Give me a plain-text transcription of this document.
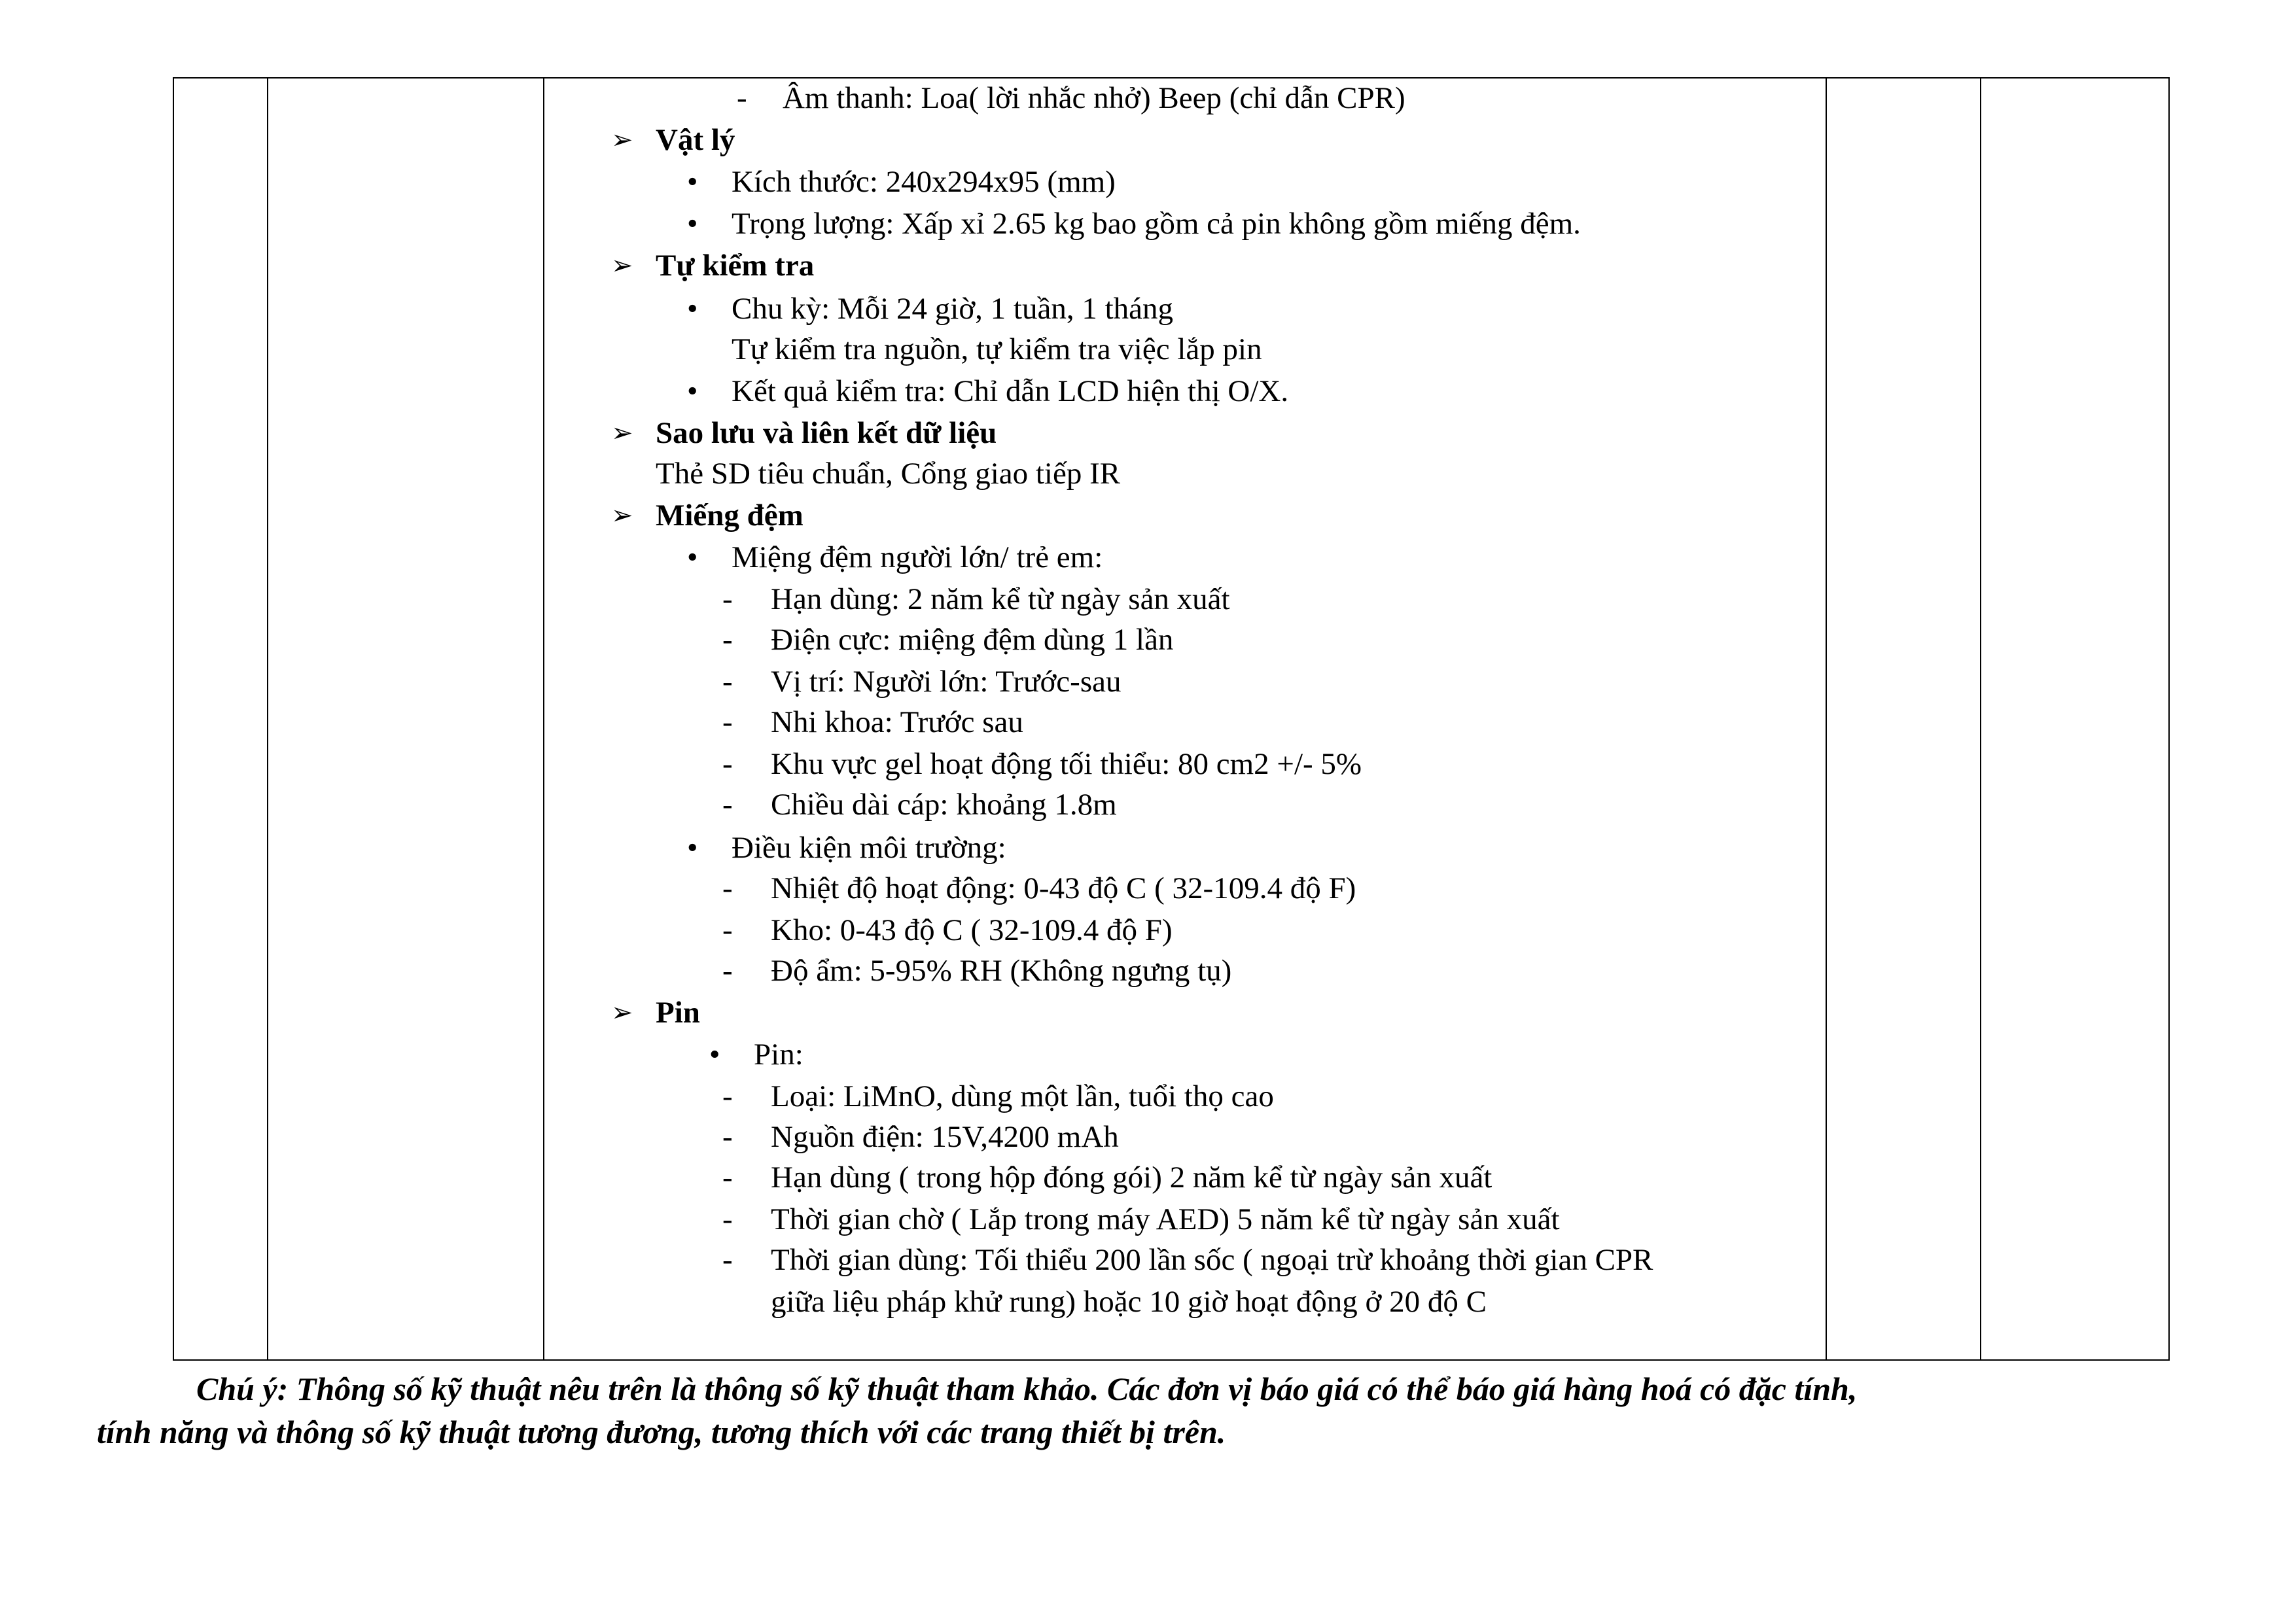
- Âm thanh: Loa( lời nhắc nhở) Beep (chỉ dẫn CPR)
➢ Vật lý
• Kích thước: 240x294x95 (mm)
• Trọng lượng: Xấp xỉ 2.65 kg bao gồm cả pin không gồm miếng đệm.
➢ Tự kiểm tra
• Chu kỳ: Mỗi 24 giờ, 1 tuần, 1 tháng
Tự kiểm tra nguồn, tự kiểm tra việc lắp pin
• Kết quả kiểm tra: Chỉ dẫn LCD hiện thị O/X.
➢ Sao lưu và liên kết dữ liệu
Thẻ SD tiêu chuẩn, Cổng giao tiếp IR
➢ Miếng đệm
• Miệng đệm người lớn/ trẻ em:
- Hạn dùng: 2 năm kể từ ngày sản xuất
- Điện cực: miệng đệm dùng 1 lần
- Vị trí: Người lớn: Trước-sau
- Nhi khoa: Trước sau
- Khu vực gel hoạt động tối thiểu: 80 cm2 +/- 5%
- Chiều dài cáp: khoảng 1.8m
• Điều kiện môi trường:
- Nhiệt độ hoạt động: 0-43 độ C ( 32-109.4 độ F)
- Kho: 0-43 độ C ( 32-109.4 độ F)
- Độ ẩm: 5-95% RH (Không ngưng tụ)
➢ Pin
• Pin:
- Loại: LiMnO, dùng một lần, tuổi thọ cao
- Nguồn điện: 15V,4200 mAh
- Hạn dùng ( trong hộp đóng gói) 2 năm kể từ ngày sản xuất
- Thời gian chờ ( Lắp trong máy AED) 5 năm kể từ ngày sản xuất
- Thời gian dùng: Tối thiểu 200 lần sốc ( ngoại trừ khoảng thời gian CPR
giữa liệu pháp khử rung) hoặc 10 giờ hoạt động ở 20 độ C
Chú ý: Thông số kỹ thuật nêu trên là thông số kỹ thuật tham khảo. Các đơn vị báo giá có thể báo giá hàng hoá có đặc tính,
tính năng và thông số kỹ thuật tương đương, tương thích với các trang thiết bị trên.
